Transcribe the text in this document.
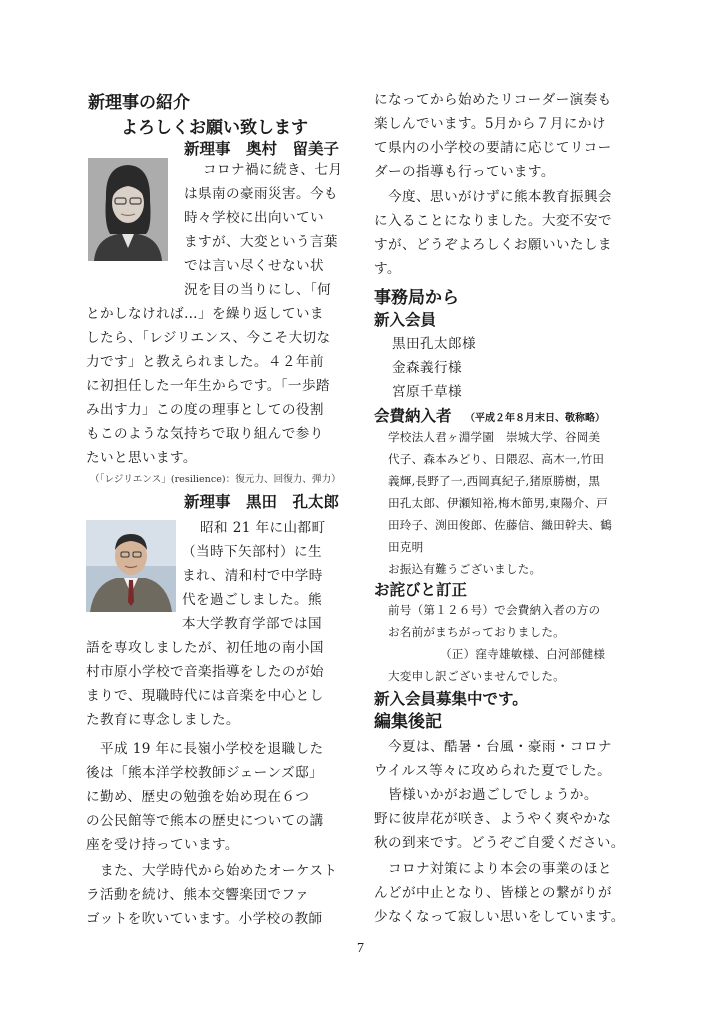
新理事の紹介
よろしくお願い致します
新理事　奥村　留美子
コロナ禍に続き、七月
は県南の豪雨災害。今も
時々学校に出向いてい
ますが、大変という言葉
では言い尽くせない状
況を目の当りにし、「何
とかしなければ…」を繰り返していま
したら、「レジリエンス、今こそ大切な
力です」と教えられました。４２年前
に初担任した一年生からです。「一歩踏
み出す力」この度の理事としての役割
もこのような気持ちで取り組んで参り
たいと思います。
（「レジリエンス」(resilience)：復元力、回復力、弾力）
新理事　黒田　孔太郎
昭和 21 年に山都町
（当時下矢部村）に生
まれ、清和村で中学時
代を過ごしました。熊
本大学教育学部では国
語を専攻しましたが、初任地の南小国
村市原小学校で音楽指導をしたのが始
まりで、現職時代には音楽を中心とし
た教育に専念しました。
平成 19 年に長嶺小学校を退職した
後は「熊本洋学校教師ジェーンズ邸」
に勤め、歴史の勉強を始め現在６つ
の公民館等で熊本の歴史についての講
座を受け持っています。
また、大学時代から始めたオーケスト
ラ活動を続け、熊本交響楽団でファ
ゴットを吹いています。小学校の教師
になってから始めたリコーダー演奏も
楽しんでいます。5月から７月にかけ
て県内の小学校の要請に応じてリコー
ダーの指導も行っています。
今度、思いがけずに熊本教育振興会
に入ることになりました。大変不安で
すが、どうぞよろしくお願いいたしま
す。
事務局から
新入会員
黒田孔太郎様
金森義行様
宮原千草様
会費納入者 （平成２年８月末日、敬称略）
学校法人君ヶ淵学園　崇城大学、谷岡美
代子、森本みどり、日隈忍、高木一,竹田
義輝,長野了一,西岡真紀子,猪原勝樹，黒
田孔太郎、伊瀬知裕,梅木節男,東陽介、戸
田玲子、渕田俊郎、佐藤信、織田幹夫、鶴
田克明
お振込有難うございました。
お詫びと訂正
前号（第１２６号）で会費納入者の方の
お名前がまちがっておりました。
（正）窪寺雄敏様、白河部健様
大変申し訳ございませんでした。
新入会員募集中です。
編集後記
今夏は、酷暑・台風・豪雨・コロナ
ウイルス等々に攻められた夏でした。
皆様いかがお過ごしでしょうか。
野に彼岸花が咲き、ようやく爽やかな
秋の到来です。どうぞご自愛ください。
コロナ対策により本会の事業のほと
んどが中止となり、皆様との繋がりが
少なくなって寂しい思いをしています。
7
